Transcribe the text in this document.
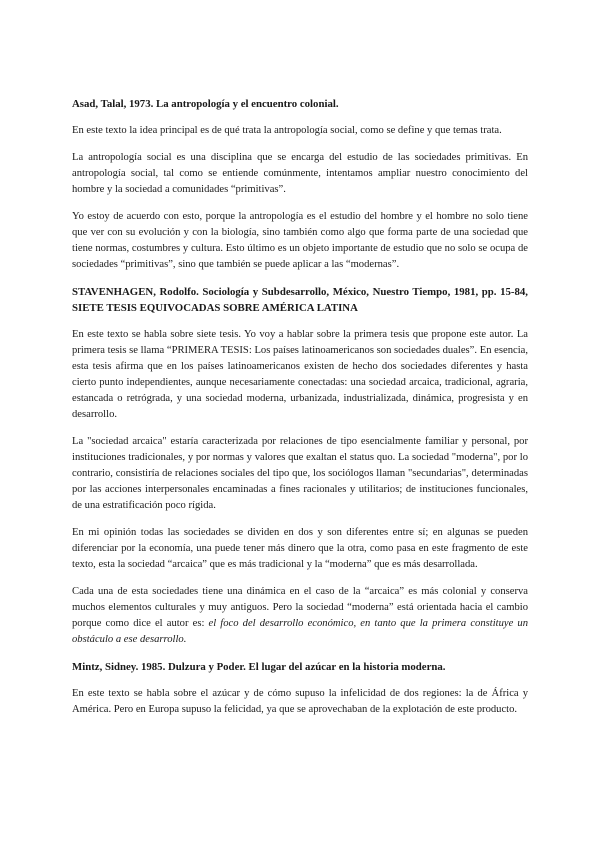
Asad, Talal, 1973. La antropología y el encuentro colonial.

En este texto la idea principal es de qué trata la antropología social, como se define y que temas trata.

La antropología social es una disciplina que se encarga del estudio de las sociedades primitivas. En antropología social, tal como se entiende comúnmente, intentamos ampliar nuestro conocimiento del hombre y la sociedad a comunidades “primitivas”.

Yo estoy de acuerdo con esto, porque la antropología es el estudio del hombre y el hombre no solo tiene que ver con su evolución y con la biología, sino también como algo que forma parte de una sociedad que tiene normas, costumbres y cultura. Esto último es un objeto importante de estudio que no solo se ocupa de sociedades “primitivas”, sino que también se puede aplicar a las “modernas”.

STAVENHAGEN, Rodolfo. Sociología y Subdesarrollo, México, Nuestro Tiempo, 1981, pp. 15-84, SIETE TESIS EQUIVOCADAS SOBRE AMÉRICA LATINA

En este texto se habla sobre siete tesis. Yo voy a hablar sobre la primera tesis que propone este autor. La primera tesis se llama “PRIMERA TESIS: Los países latinoamericanos son sociedades duales”. En esencia, esta tesis afirma que en los países latinoamericanos existen de hecho dos sociedades diferentes y hasta cierto punto independientes, aunque necesariamente conectadas: una sociedad arcaica, tradicional, agraria, estancada o retrógrada, y una sociedad moderna, urbanizada, industrializada, dinámica, progresista y en desarrollo.

La "sociedad arcaica" estaría caracterizada por relaciones de tipo esencialmente familiar y personal, por instituciones tradicionales, y por normas y valores que exaltan el status quo. La sociedad "moderna", por lo contrario, consistiría de relaciones sociales del tipo que, los sociólogos llaman "secundarias", determinadas por las acciones interpersonales encaminadas a fines racionales y utilitarios; de instituciones funcionales, de una estratificación poco rígida.

En mi opinión todas las sociedades se dividen en dos y son diferentes entre sí; en algunas se pueden diferenciar por la economía, una puede tener más dinero que la otra, como pasa en este fragmento de este texto, esta la sociedad “arcaica” que es más tradicional y la “moderna” que es más desarrollada.

Cada una de esta sociedades tiene una dinámica en el caso de la “arcaica” es más colonial y conserva muchos elementos culturales y muy antiguos. Pero la sociedad “moderna” está orientada hacia el cambio porque como dice el autor es: el foco del desarrollo económico, en tanto que la primera constituye un obstáculo a ese desarrollo.

Mintz, Sidney. 1985. Dulzura y Poder. El lugar del azúcar en la historia moderna.

En este texto se habla sobre el azúcar y de cómo supuso la infelicidad de dos regiones: la de África y América. Pero en Europa supuso la felicidad, ya que se aprovechaban de la explotación de este producto.
